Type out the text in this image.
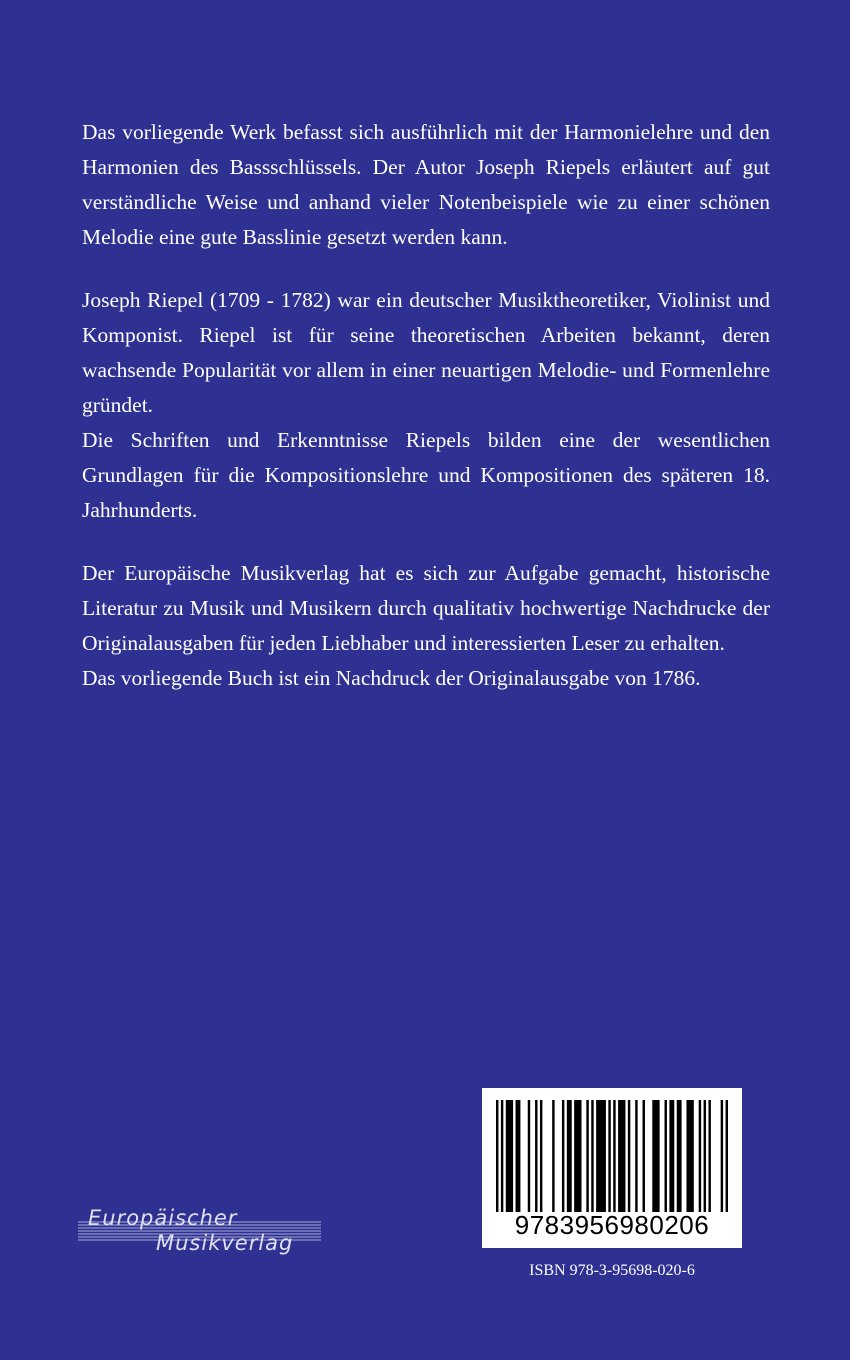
Das vorliegende Werk befasst sich ausführlich mit der Harmonielehre und den Harmonien des Bassschlüssels. Der Autor Joseph Riepels erläutert auf gut verständliche Weise und anhand vieler Notenbeispiele wie zu einer schönen Melodie eine gute Basslinie gesetzt werden kann.

Joseph Riepel (1709 - 1782) war ein deutscher Musiktheoretiker, Violinist und Komponist. Riepel ist für seine theoretischen Arbeiten bekannt, deren wachsende Popularität vor allem in einer neuartigen Melodie- und Formenlehre gründet.

Die Schriften und Erkenntnisse Riepels bilden eine der wesentlichen Grundlagen für die Kompositionslehre und Kompositionen des späteren 18. Jahrhunderts.

Der Europäische Musikverlag hat es sich zur Aufgabe gemacht, historische Literatur zu Musik und Musikern durch qualitativ hochwertige Nachdrucke der Originalausgaben für jeden Liebhaber und interessierten Leser zu erhalten.

Das vorliegende Buch ist ein Nachdruck der Originalausgabe von 1786.

Europäischer
Musikverlag
9783956980206
ISBN 978-3-95698-020-6
